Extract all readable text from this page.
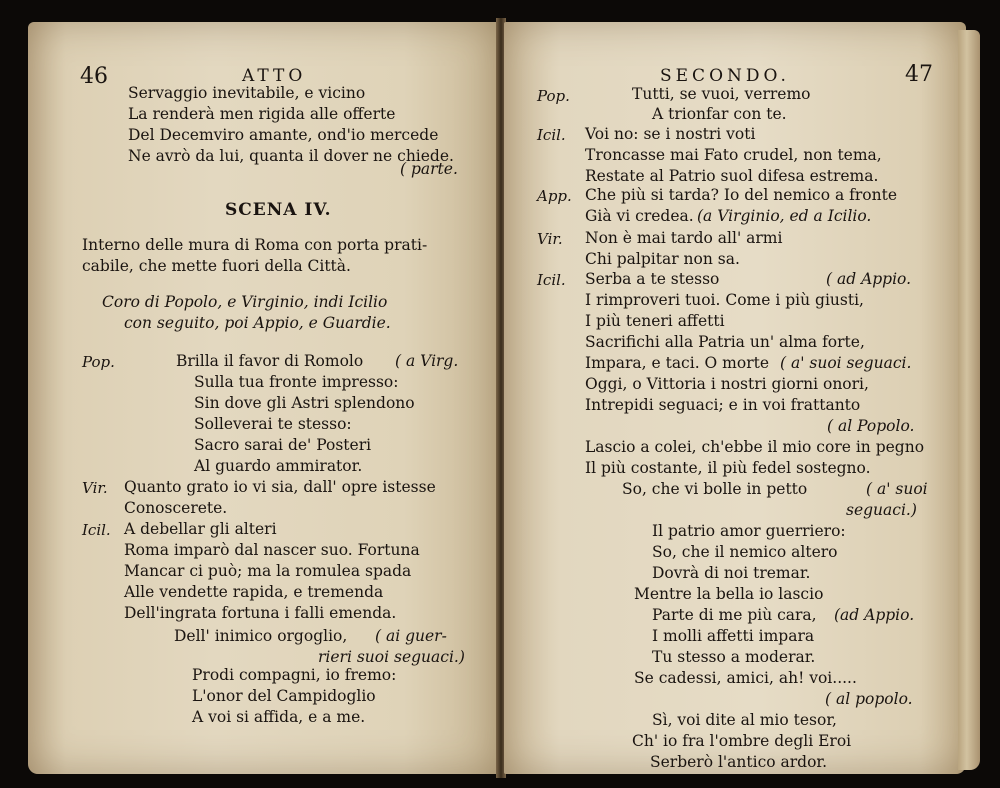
46	ATTO
Servaggio inevitabile, e vicino
La renderà men rigida alle offerte
Del Decemviro amante, ond'io mercede
Ne avrò da lui, quanta il dover ne chiede.
( parte.
SCENA IV.
Interno delle mura di Roma con porta prati-
cabile, che mette fuori della Città.
Coro di Popolo, e Virginio, indi Icilio
con seguito, poi Appio, e Guardie.
Pop.	Brilla il favor di Romolo ( a Virg.
Sulla tua fronte impresso:
Sin dove gli Astri splendono
Solleverai te stesso:
Sacro sarai de' Posteri
Al guardo ammirator.
Vir. Quanto grato io vi sia, dall' opre istesse
Conoscerete.
Icil. A debellar gli alteri
Roma imparò dal nascer suo. Fortuna
Mancar ci può; ma la romulea spada
Alle vendette rapida, e tremenda
Dell'ingrata fortuna i falli emenda.
Dell' inimico orgoglio, ( ai guer-
rieri suoi seguaci.)
Prodi compagni, io fremo:
L'onor del Campidoglio
A voi si affida, e a me.
SECONDO.	47
Pop.	Tutti, se vuoi, verremo
A trionfar con te.
Icil. Voi no: se i nostri voti
Troncasse mai Fato crudel, non tema,
Restate al Patrio suol difesa estrema.
App. Che più si tarda? Io del nemico a fronte
Già vi credea. (a Virginio, ed a Icilio.
Vir. Non è mai tardo all' armi
Chi palpitar non sa.
Icil. Serba a te stesso	( ad Appio.
I rimproveri tuoi. Come i più giusti,
I più teneri affetti
Sacrifichi alla Patria un' alma forte,
Impara, e taci. O morte ( a' suoi seguaci.
Oggi, o Vittoria i nostri giorni onori,
Intrepidi seguaci; e in voi frattanto
( al Popolo.
Lascio a colei, ch'ebbe il mio core in pegno
Il più costante, il più fedel sostegno.
So, che vi bolle in petto	( a' suoi
seguaci.)
Il patrio amor guerriero:
So, che il nemico altero
Dovrà di noi tremar.
Mentre la bella io lascio
Parte di me più cara, (ad Appio.
I molli affetti impara
Tu stesso a moderar.
Se cadessi, amici, ah! voi.....
( al popolo.
Sì, voi dite al mio tesor,
Ch' io fra l'ombre degli Eroi
Serberò l'antico ardor.
